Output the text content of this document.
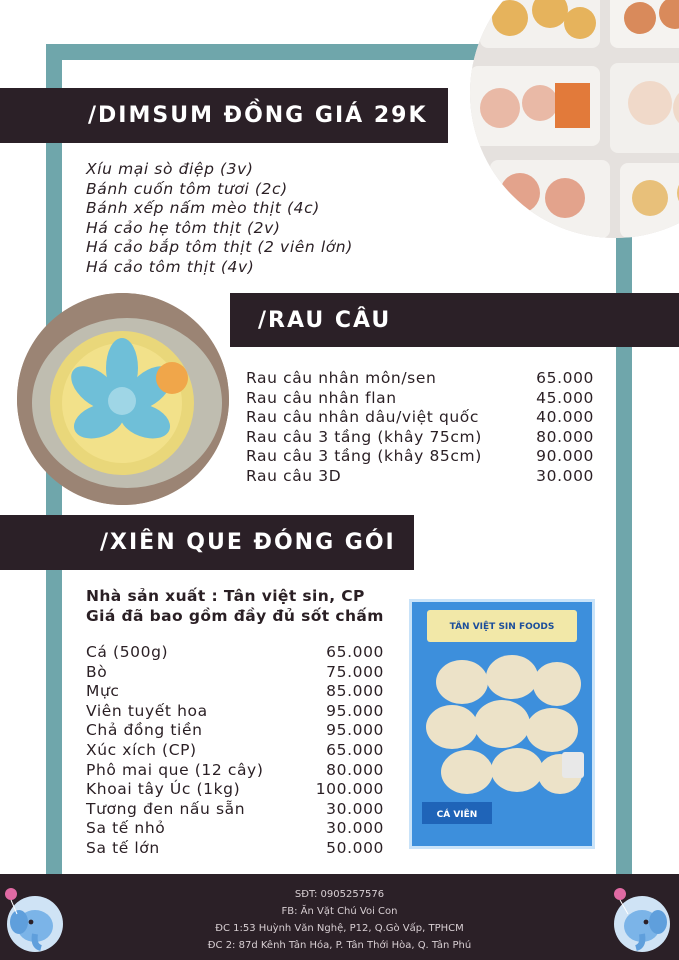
/DIMSUM ĐỒNG GIÁ 29K
Xíu mại sò điệp (3v)
Bánh cuốn tôm tươi (2c)
Bánh xếp nấm mèo thịt (4c)
Há cảo hẹ tôm thịt (2v)
Há cảo bắp tôm thịt (2 viên lớn)
Há cảo tôm thịt (4v)
/RAU CÂU
Rau câu nhân môn/sen	65.000
Rau câu nhân flan	45.000
Rau câu nhân dâu/việt quốc	40.000
Rau câu 3 tầng (khây 75cm)	80.000
Rau câu 3 tầng (khây 85cm)	90.000
Rau câu 3D	30.000
/XIÊN QUE ĐÓNG GÓI
Nhà sản xuất : Tân việt sin, CP
Giá đã bao gồm đầy đủ sốt chấm
Cá (500g)	65.000
Bò	75.000
Mực	85.000
Viên tuyết hoa	95.000
Chả đồng tiền	95.000
Xúc xích (CP)	65.000
Phô mai que (12 cây)	80.000
Khoai tây Úc (1kg)	100.000
Tương đen nấu sẵn	30.000
Sa tế nhỏ	30.000
Sa tế lớn	50.000
TÂN VIỆT SIN FOODS
CÁ VIÊN
SĐT: 0905257576
FB: Ăn Vặt Chú Voi Con
ĐC 1:53 Huỳnh Văn Nghệ, P12, Q.Gò Vấp, TPHCM
ĐC 2: 87d Kênh Tân Hóa, P. Tân Thới Hòa, Q. Tân Phú
